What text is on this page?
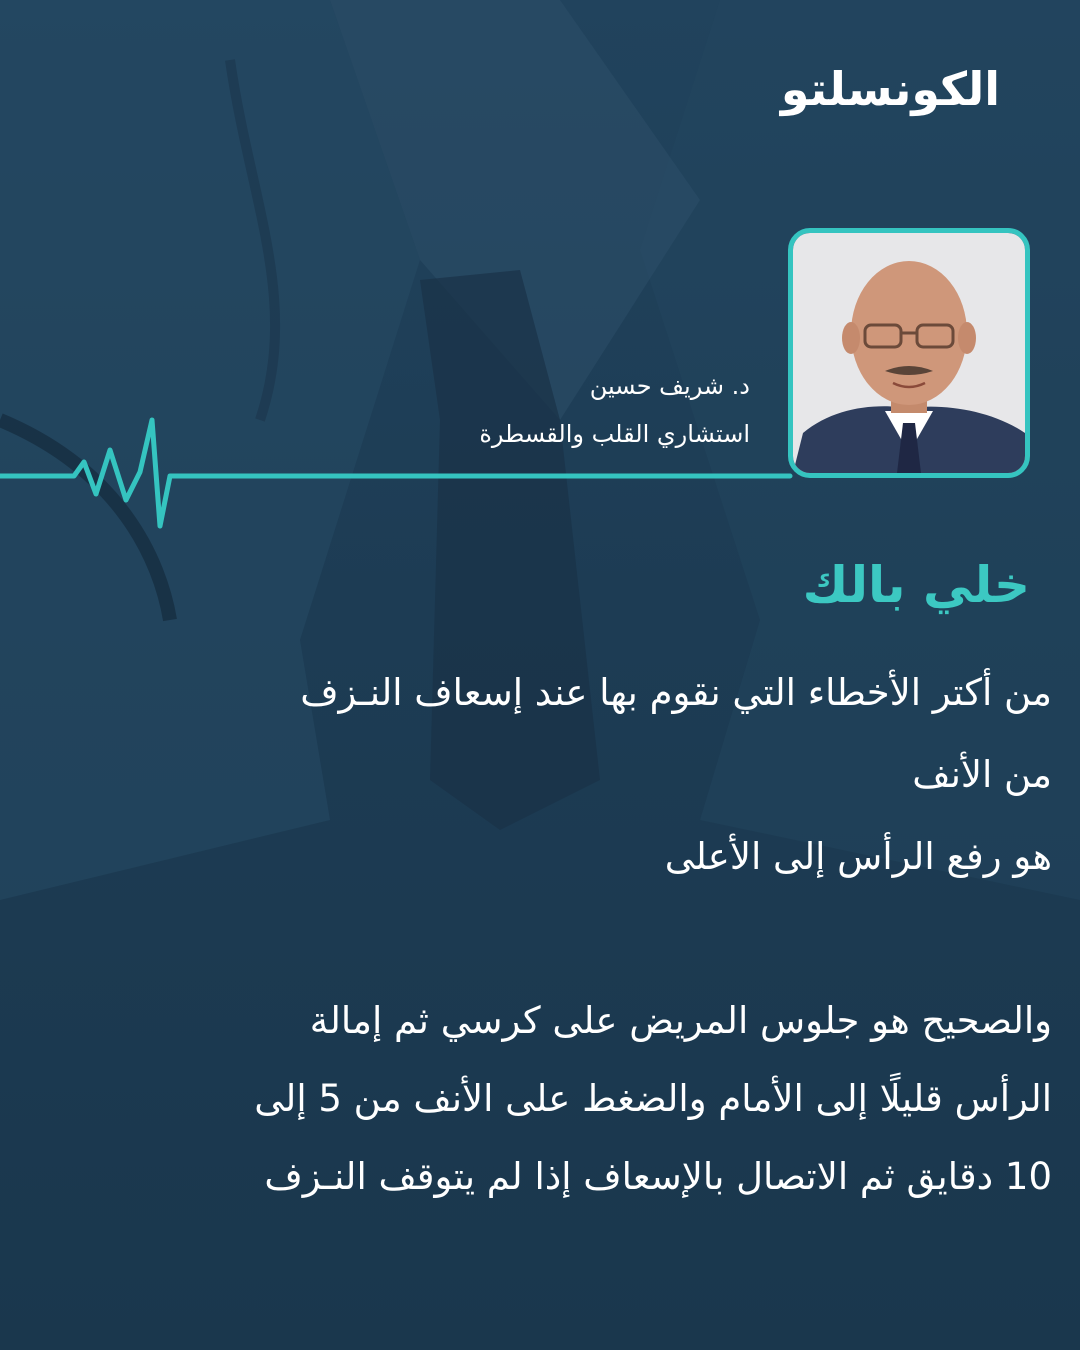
الكونسلتو
د. شريف حسين
استشاري القلب والقسطرة
خلي بالك
من أكتر الأخطاء التي نقوم بها عند إسعاف النـزف
من الأنف
هو رفع الرأس إلى الأعلى
والصحيح هو جلوس المريض على كرسي ثم إمالة
الرأس قليلًا إلى الأمام والضغط على الأنف من 5 إلى
10 دقايق ثم الاتصال بالإسعاف إذا لم يتوقف النـزف
